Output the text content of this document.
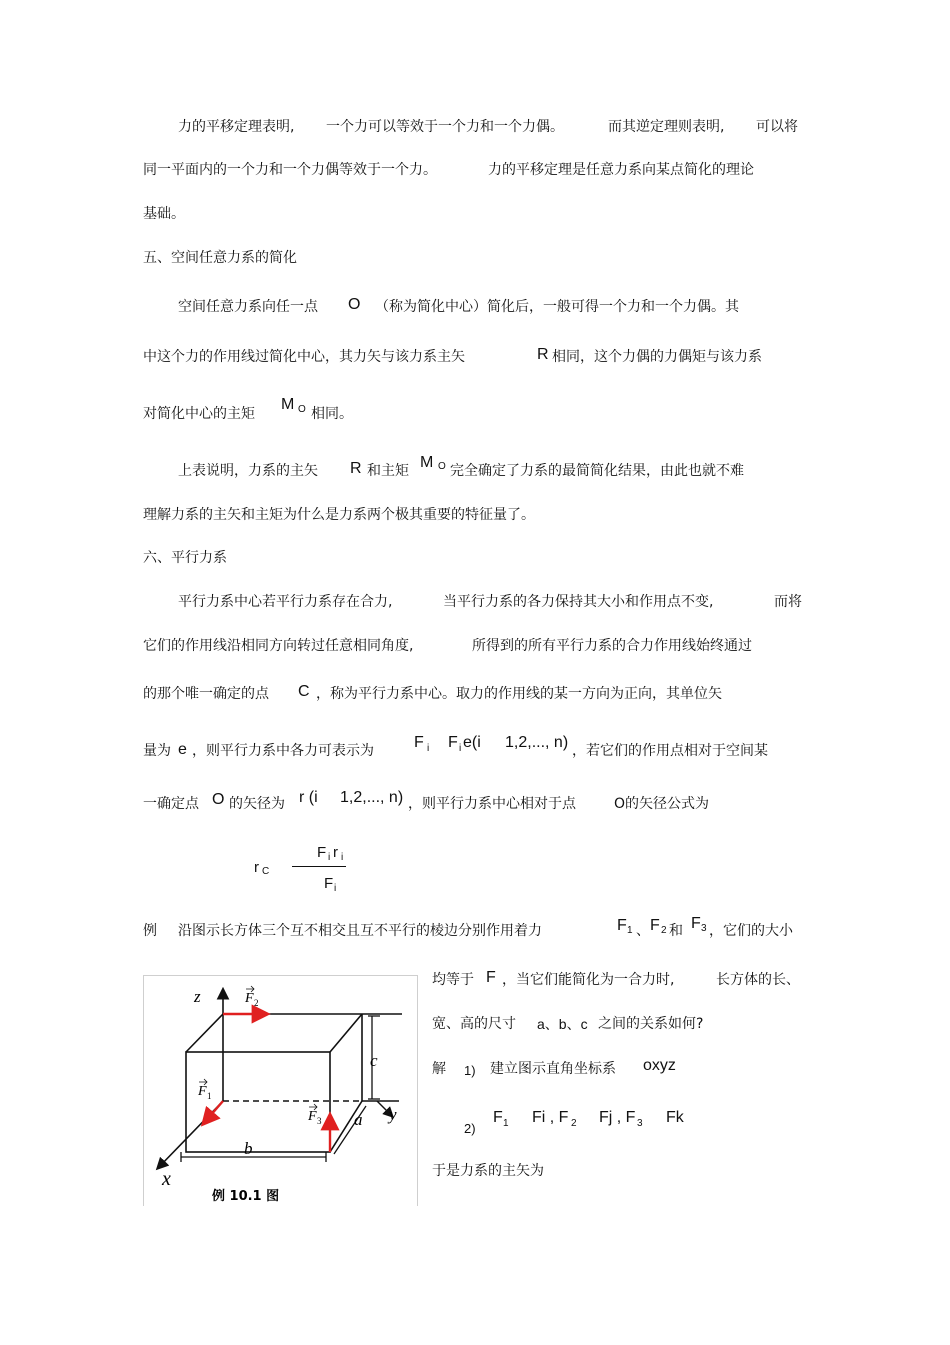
力的平移定理表明, 一个力可以等效于一个力和一个力偶。	而其逆定理则表明, 可以将
同一平面内的一个力和一个力偶等效于一个力。	力的平移定理是任意力系向某点简化的理论
基础。
五、空间任意力系的简化
空间任意力系向任一点 O （称为简化中心）简化后，一般可得一个力和一个力偶。其
中这个力的作用线过简化中心，其力矢与该力系主矢	R 相同，这个力偶的力偶矩与该力系
对简化中心的主矩
M O 相同。
上表说明，力系的主矢 R 和主矩 M O 完全确定了力系的最简简化结果，由此也就不难
理解力系的主矢和主矩为什么是力系两个极其重要的特征量了。
六、平行力系
平行力系中心若平行力系存在合力,	当平行力系的各力保持其大小和作用点不变,	而将
它们的作用线沿相同方向转过任意相同角度,	所得到的所有平行力系的合力作用线始终通过
的那个唯一确定的点 C ，称为平行力系中心。取力的作用线的某一方向为正向，其单位矢
量为 e ，则平行力系中各力可表示为	F i F i e(i 1,2,..., n) ，若它们的作用点相对于空间某
一确定点 O 的矢径为 r (i 1,2,..., n) ，则平行力系中心相对于点	O 的矢径公式为
r C
F i r i
F i
例 沿图示长方体三个互不相交且互不平行的棱边分别作用着力	F 1 、 F 2 和 F 3 ，它们的大小
均等于 F ，当它们能简化为一合力时,	长方体的长、
宽、高的尺寸 a、b、c 之间的关系如何?
解 1) 建立图示直角坐标系 oxyz
2)
F 1 Fi , F 2 Fj , F 3 Fk
于是力系的主矢为
z
x
y
a
b
c
F 2
F 1
F 3
例 10.1 图
